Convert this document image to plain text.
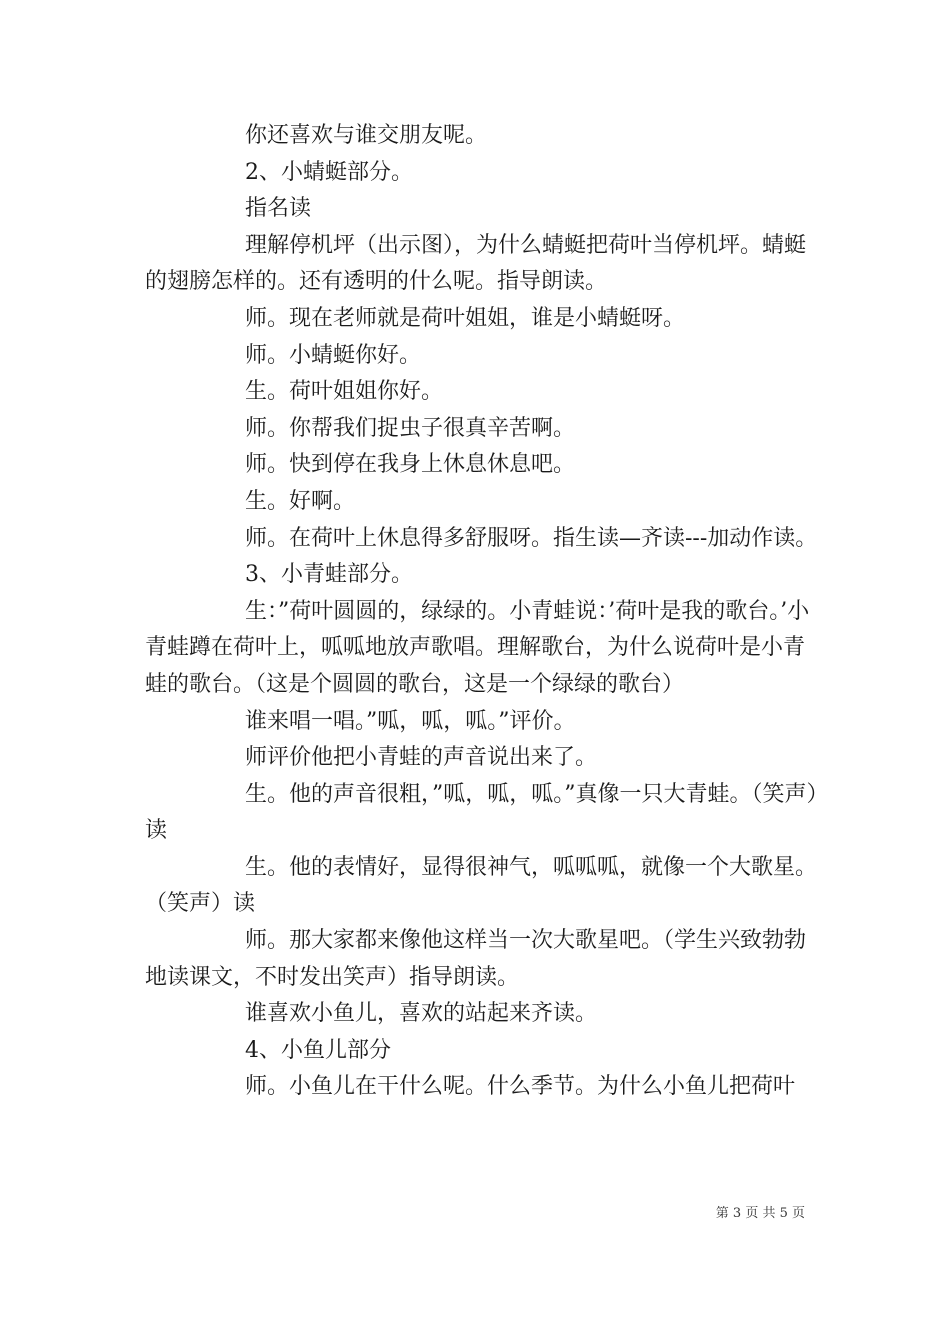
你还喜欢与谁交朋友呢。

2、小蜻蜓部分。

指名读

理解停机坪（出示图），为什么蜻蜓把荷叶当停机坪。蜻蜓的翅膀怎样的。还有透明的什么呢。指导朗读。

师。现在老师就是荷叶姐姐，谁是小蜻蜓呀。

师。小蜻蜓你好。

生。荷叶姐姐你好。

师。你帮我们捉虫子很真辛苦啊。

师。快到停在我身上休息休息吧。

生。好啊。

师。在荷叶上休息得多舒服呀。指生读—齐读---加动作读。

3、小青蛙部分。

生：”荷叶圆圆的，绿绿的。小青蛙说：’荷叶是我的歌台。’小青蛙蹲在荷叶上，呱呱地放声歌唱。理解歌台，为什么说荷叶是小青蛙的歌台。（这是个圆圆的歌台，这是一个绿绿的歌台）

谁来唱一唱。”呱，呱，呱。”评价。

师评价他把小青蛙的声音说出来了。

生。他的声音很粗，”呱，呱，呱。”真像一只大青蛙。（笑声）读

生。他的表情好，显得很神气，呱呱呱，就像一个大歌星。（笑声）读

师。那大家都来像他这样当一次大歌星吧。（学生兴致勃勃地读课文，不时发出笑声）指导朗读。

谁喜欢小鱼儿，喜欢的站起来齐读。

4、小鱼儿部分

师。小鱼儿在干什么呢。什么季节。为什么小鱼儿把荷叶

第 3 页 共 5 页
